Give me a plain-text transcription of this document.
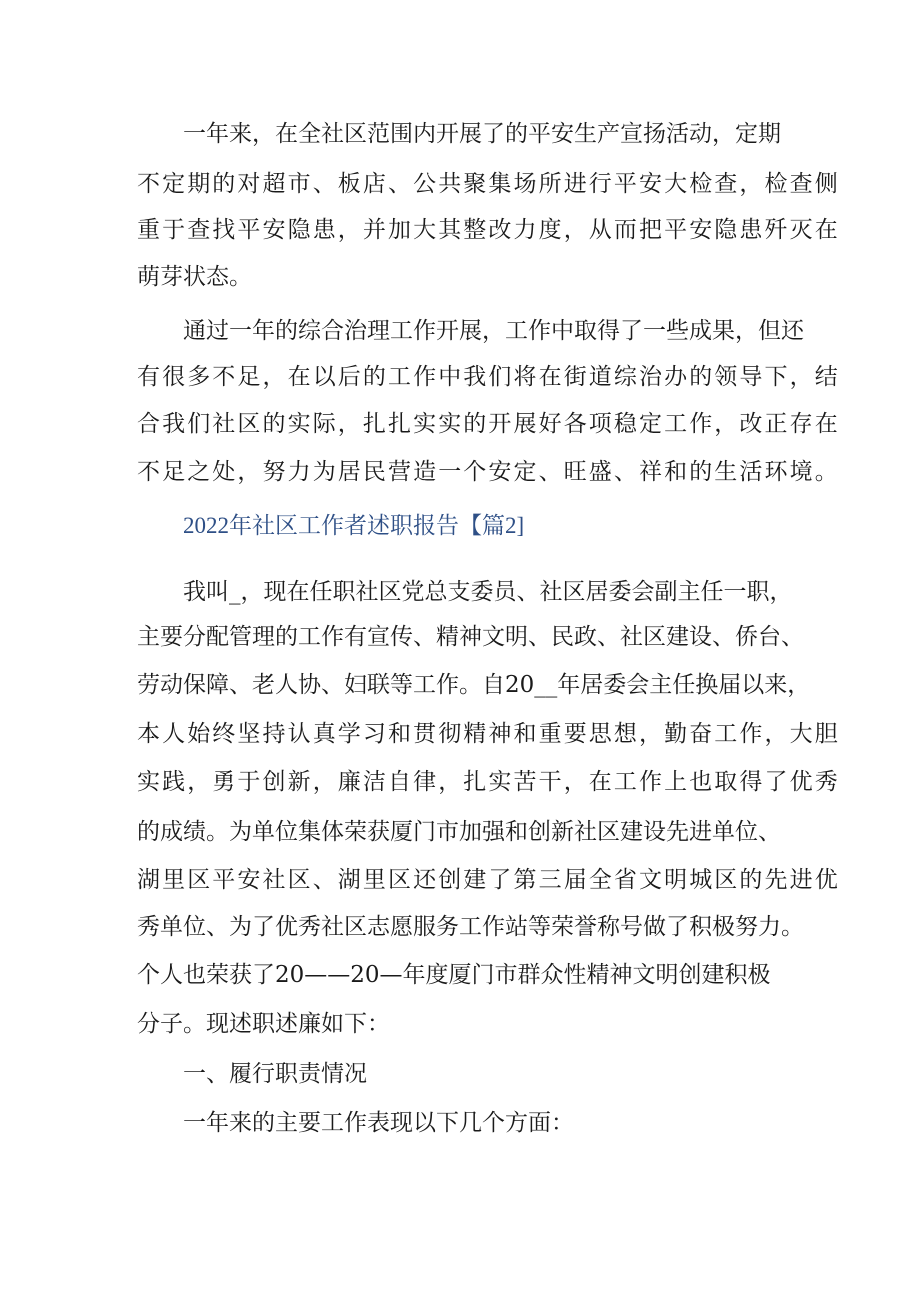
一年来，在全社区范围内开展了的平安生产宣扬活动，定期

不定期的对超市、板店、公共聚集场所进行平安大检查，检查侧

重于查找平安隐患，并加大其整改力度，从而把平安隐患歼灭在

萌芽状态。

通过一年的综合治理工作开展，工作中取得了一些成果，但还

有很多不足，在以后的工作中我们将在街道综治办的领导下，结

合我们社区的实际，扎扎实实的开展好各项稳定工作，改正存在

不足之处，努力为居民营造一个安定、旺盛、祥和的生活环境。

2022年社区工作者述职报告【篇2]

我叫_，现在任职社区党总支委员、社区居委会副主任一职，

主要分配管理的工作有宣传、精神文明、民政、社区建设、侨台、

劳动保障、老人协、妇联等工作。自20__年居委会主任换届以来，

本人始终坚持认真学习和贯彻精神和重要思想，勤奋工作，大胆

实践，勇于创新，廉洁自律，扎实苦干，在工作上也取得了优秀

的成绩。为单位集体荣获厦门市加强和创新社区建设先进单位、

湖里区平安社区、湖里区还创建了第三届全省文明城区的先进优

秀单位、为了优秀社区志愿服务工作站等荣誉称号做了积极努力。

个人也荣获了20——20—年度厦门市群众性精神文明创建积极

分子。现述职述廉如下：

一、履行职责情况

一年来的主要工作表现以下几个方面：
